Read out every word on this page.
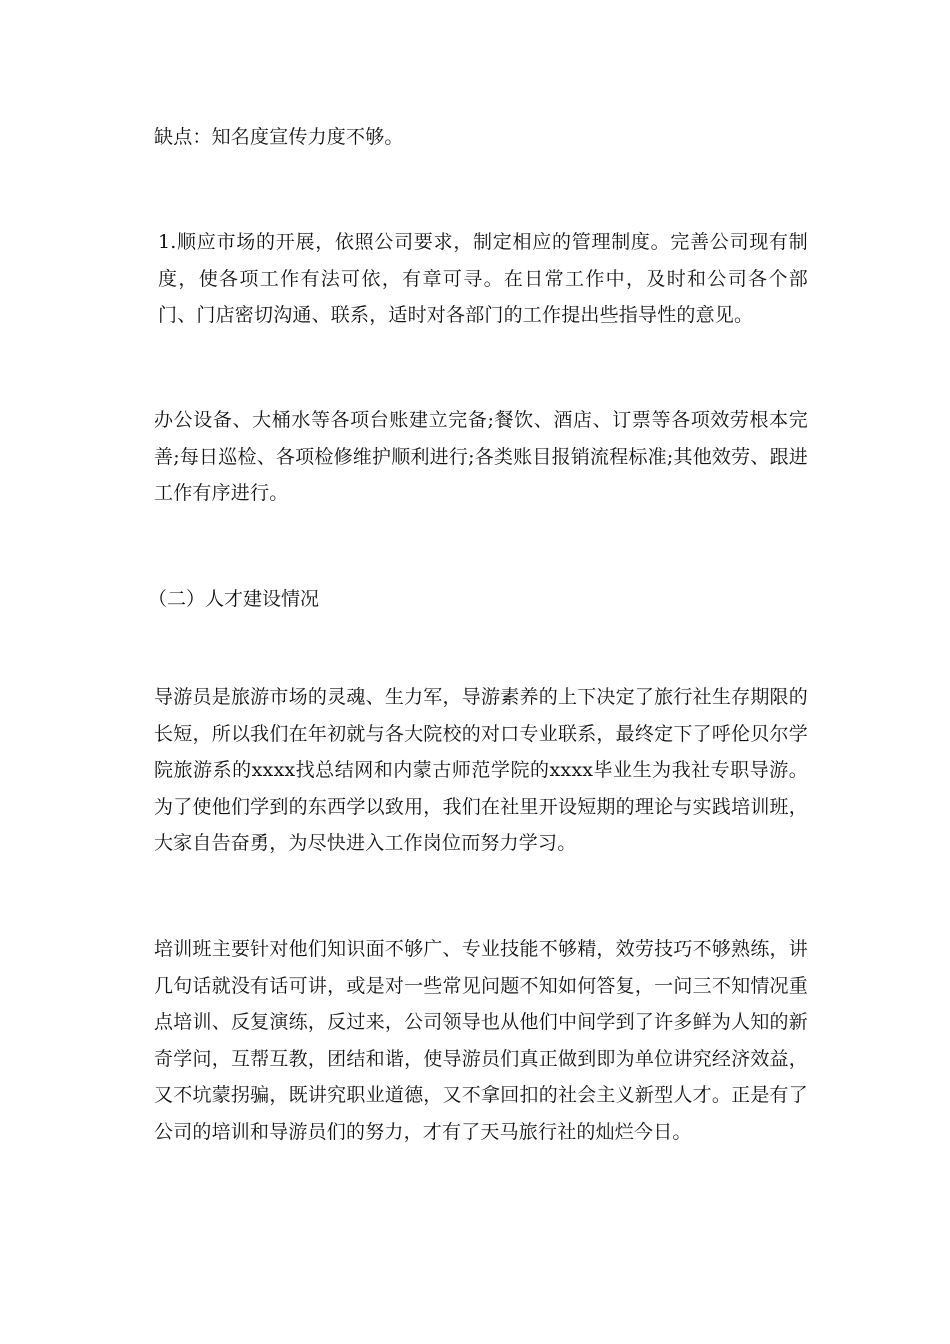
缺点：知名度宣传力度不够。

1.顺应市场的开展，依照公司要求，制定相应的管理制度。完善公司现有制度，使各项工作有法可依，有章可寻。在日常工作中，及时和公司各个部门、门店密切沟通、联系，适时对各部门的工作提出些指导性的意见。

办公设备、大桶水等各项台账建立完备;餐饮、酒店、订票等各项效劳根本完善;每日巡检、各项检修维护顺利进行;各类账目报销流程标准;其他效劳、跟进工作有序进行。

（二）人才建设情况

导游员是旅游市场的灵魂、生力军，导游素养的上下决定了旅行社生存期限的长短，所以我们在年初就与各大院校的对口专业联系，最终定下了呼伦贝尔学院旅游系的xxxx找总结网和内蒙古师范学院的xxxx毕业生为我社专职导游。为了使他们学到的东西学以致用，我们在社里开设短期的理论与实践培训班，大家自告奋勇，为尽快进入工作岗位而努力学习。

培训班主要针对他们知识面不够广、专业技能不够精，效劳技巧不够熟练，讲几句话就没有话可讲，或是对一些常见问题不知如何答复，一问三不知情况重点培训、反复演练，反过来，公司领导也从他们中间学到了许多鲜为人知的新奇学问，互帮互教，团结和谐，使导游员们真正做到即为单位讲究经济效益，又不坑蒙拐骗，既讲究职业道德，又不拿回扣的社会主义新型人才。正是有了公司的培训和导游员们的努力，才有了天马旅行社的灿烂今日。
